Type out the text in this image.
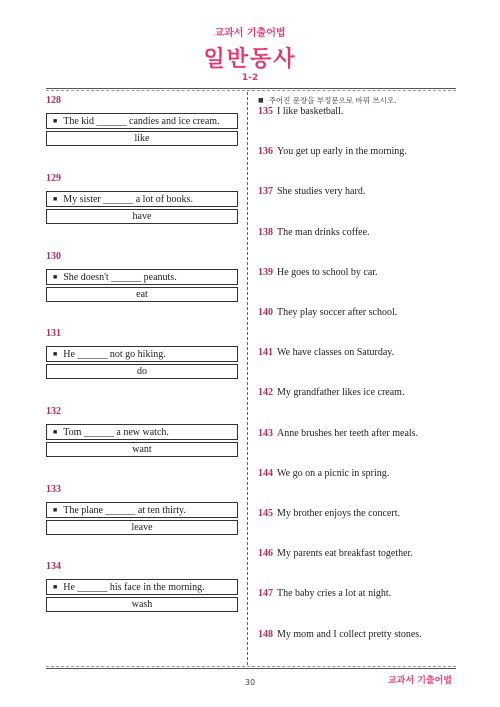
교과서 기출어법
일반동사
1-2
128
■ The kid ______ candies and ice cream.
like
129
■ My sister ______ a lot of books.
have
130
■ She doesn't ______ peanuts.
eat
131
■ He ______ not go hiking.
do
132
■ Tom ______ a new watch.
want
133
■ The plane ______ at ten thirty.
leave
134
■ He ______ his face in the morning.
wash
■ 주어진 문장을 부정문으로 바꿔 쓰시오.
135 I like basketball.
136 You get up early in the morning.
137 She studies very hard.
138 The man drinks coffee.
139 He goes to school by car.
140 They play soccer after school.
141 We have classes on Saturday.
142 My grandfather likes ice cream.
143 Anne brushes her teeth after meals.
144 We go on a picnic in spring.
145 My brother enjoys the concert.
146 My parents eat breakfast together.
147 The baby cries a lot at night.
148 My mom and I collect pretty stones.
30	교과서 기출어법
